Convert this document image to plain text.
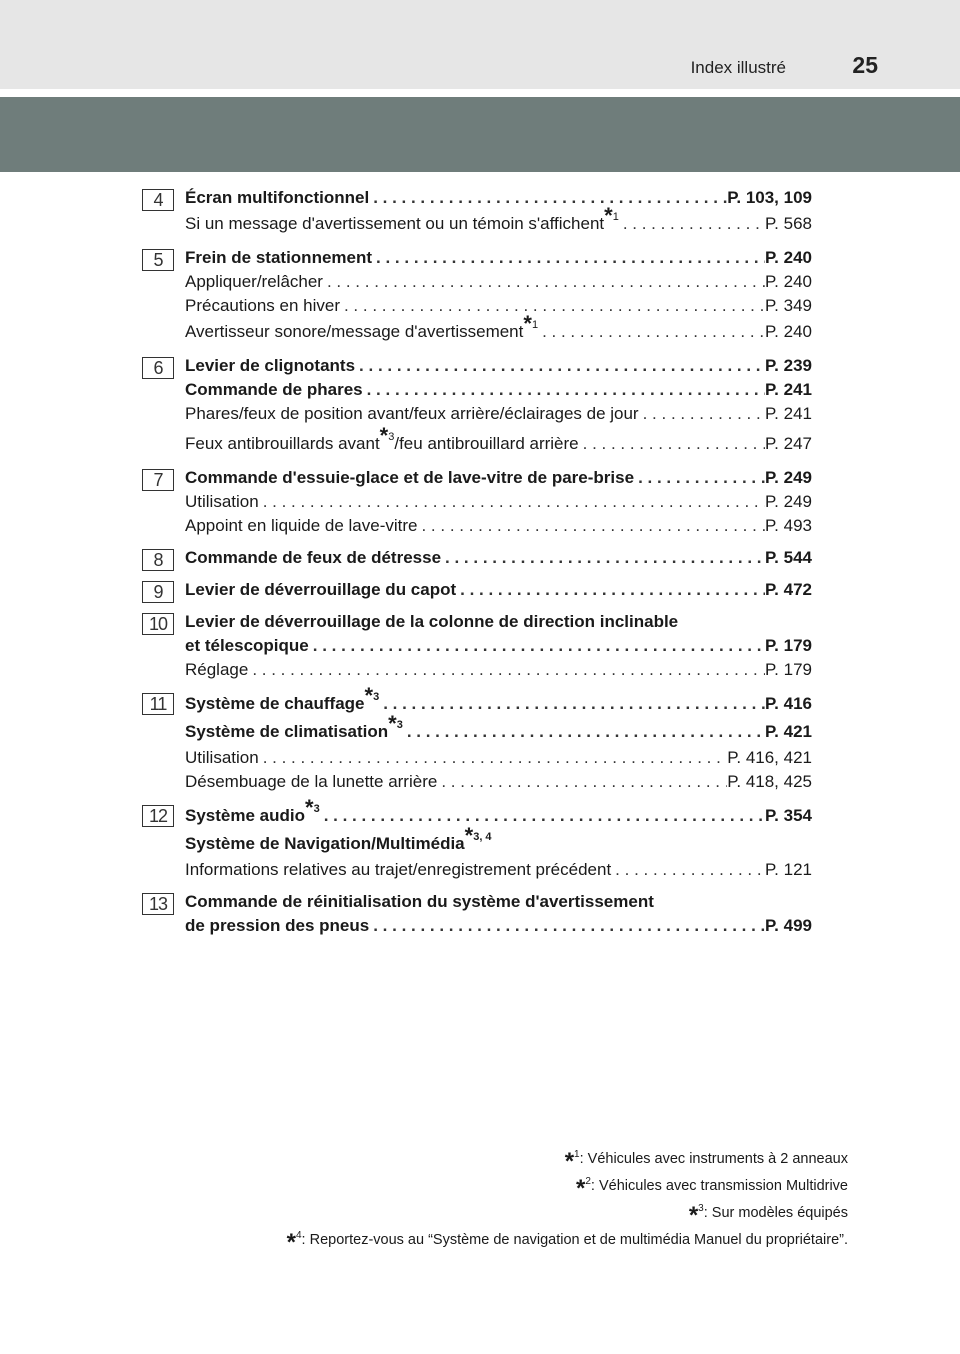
Index illustré	25
4	Écran multifonctionnel . . .	P. 103, 109
Si un message d'avertissement ou un témoin s'affichent*$^1$ . . .	P. 568
5	Frein de stationnement . . .	P. 240
Appliquer/relâcher . . .	P. 240
Précautions en hiver . . .	P. 349
Avertisseur sonore/message d'avertissement*$^1$ . . .	P. 240
6	Levier de clignotants . . .	P. 239
Commande de phares . . .	P. 241
Phares/feux de position avant/feux arrière/éclairages de jour . . .	P. 241
Feux antibrouillards avant*$^3$/feu antibrouillard arrière . . .	P. 247
7	Commande d'essuie-glace et de lave-vitre de pare-brise . . .	P. 249
Utilisation . . .	P. 249
Appoint en liquide de lave-vitre . . .	P. 493
8	Commande de feux de détresse . . .	P. 544
9	Levier de déverrouillage du capot . . .	P. 472
10	Levier de déverrouillage de la colonne de direction inclinable
et télescopique . . .	P. 179
Réglage . . .	P. 179
11	Système de chauffage*$^3$ . . .	P. 416
Système de climatisation*$^3$ . . .	P. 421
Utilisation . . .	P. 416, 421
Désembuage de la lunette arrière . . .	P. 418, 425
12	Système audio*$^3$ . . .	P. 354
Système de Navigation/Multimédia*$^{3, 4}$
Informations relatives au trajet/enregistrement précédent . . .	P. 121
13	Commande de réinitialisation du système d'avertissement
de pression des pneus . . .	P. 499
*$^1$: Véhicules avec instruments à 2 anneaux
*$^2$: Véhicules avec transmission Multidrive
*$^3$: Sur modèles équipés
*$^4$: Reportez-vous au “Système de navigation et de multimédia Manuel du propriétaire”.
